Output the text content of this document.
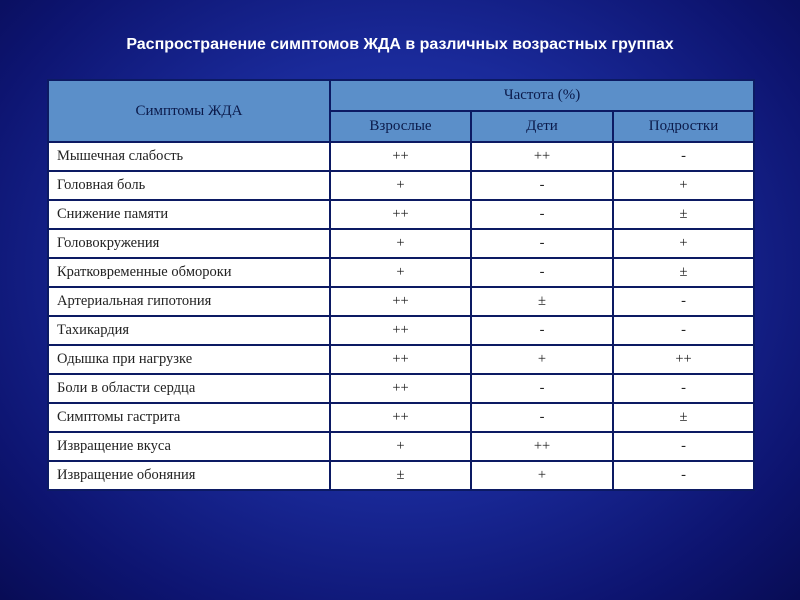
Распространение симптомов ЖДА в различных возрастных группах
Симптомы ЖДА	Частота (%)		
	Взрослые	Дети	Подростки
Мышечная слабость	++	++	-
Головная боль	+	-	+
Снижение памяти	++	-	±
Головокружения	+	-	+
Кратковременные обмороки	+	-	±
Артериальная гипотония	++	±	-
Тахикардия	++	-	-
Одышка при нагрузке	++	+	++
Боли в области сердца	++	-	-
Симптомы гастрита	++	-	±
Извращение вкуса	+	++	-
Извращение обоняния	±	+	-
